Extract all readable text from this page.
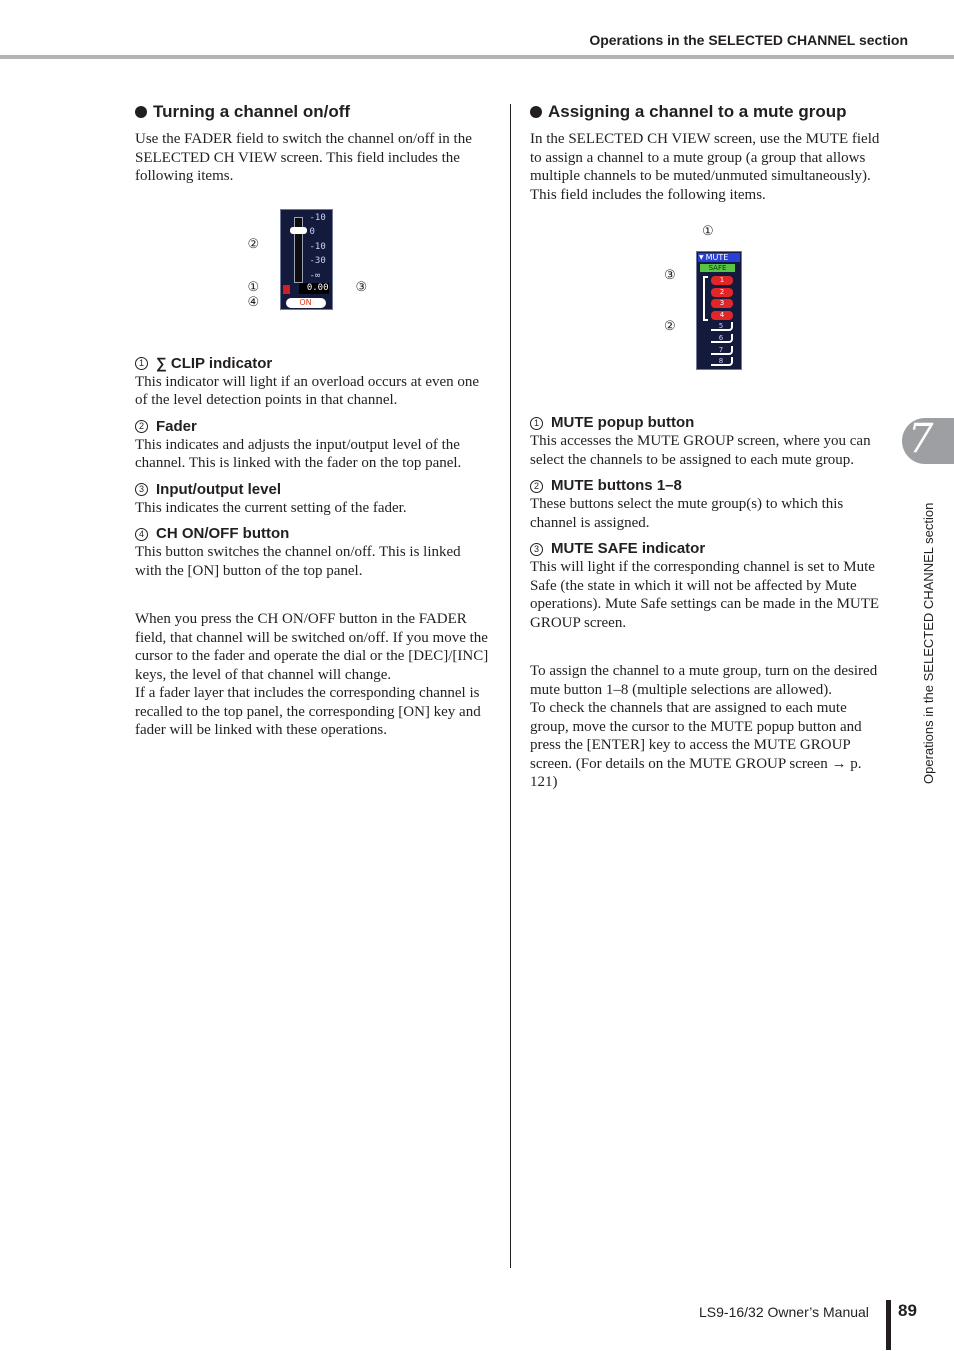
Operations in the SELECTED CHANNEL section
Turning a channel on/off

Use the FADER field to switch the channel on/off in the SELECTED CH VIEW screen. This field includes the following items.

②
①
④
③
-10
0
-10
-30
-∞
0.00
ON
1 ∑ CLIP indicator

This indicator will light if an overload occurs at even one of the level detection points in that channel.

2 Fader

This indicates and adjusts the input/output level of the channel. This is linked with the fader on the top panel.

3 Input/output level

This indicates the current setting of the fader.

4 CH ON/OFF button

This button switches the channel on/off. This is linked with the [ON] button of the top panel.

When you press the CH ON/OFF button in the FADER field, that channel will be switched on/off. If you move the cursor to the fader and operate the dial or the [DEC]/[INC] keys, the level of that channel will change.

If a fader layer that includes the corresponding channel is recalled to the top panel, the corresponding [ON] key and fader will be linked with these operations.

Assigning a channel to a mute group

In the SELECTED CH VIEW screen, use the MUTE field to assign a channel to a mute group (a group that allows multiple channels to be muted/unmuted simultaneously). This field includes the following items.

①
③
②
▼ MUTE
SAFE
1
2
3
4
5
6
7
8
1 MUTE popup button

This accesses the MUTE GROUP screen, where you can select the channels to be assigned to each mute group.

2 MUTE buttons 1–8

These buttons select the mute group(s) to which this channel is assigned.

3 MUTE SAFE indicator

This will light if the corresponding channel is set to Mute Safe (the state in which it will not be affected by Mute operations). Mute Safe settings can be made in the MUTE GROUP screen.

To assign the channel to a mute group, turn on the desired mute button 1–8 (multiple selections are allowed).

To check the channels that are assigned to each mute group, move the cursor to the MUTE popup button and press the [ENTER] key to access the MUTE GROUP screen. (For details on the MUTE GROUP screen → p. 121)

7
Operations in the SELECTED CHANNEL section
LS9-16/32 Owner’s Manual 89
